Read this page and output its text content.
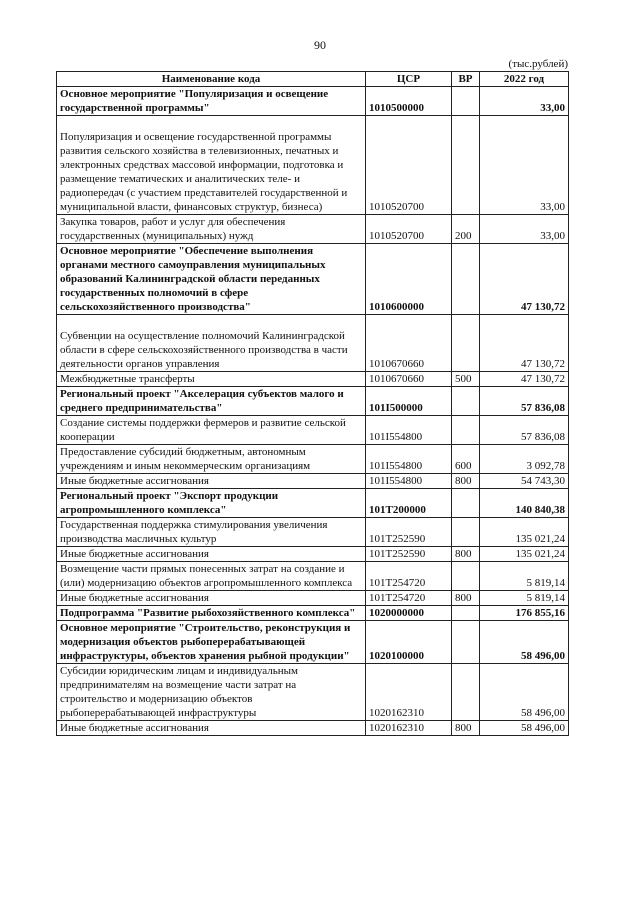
90
(тыс.рублей)
Наименование кода	ЦСР	ВР	2022 год
Основное мероприятие "Популяризация и освещение государственной программы"	1010500000		33,00

Популяризация и освещение государственной программы развития сельского хозяйства в телевизионных, печатных и электронных средствах массовой информации, подготовка и размещение тематических и аналитических теле- и радиопередач (с участием представителей государственной и муниципальной власти, финансовых структур, бизнеса)	1010520700		33,00
Закупка товаров, работ и услуг для обеспечения государственных (муниципальных) нужд	1010520700	200	33,00
Основное мероприятие "Обеспечение выполнения органами местного самоуправления муниципальных образований Калининградской области переданных государственных полномочий в сфере сельскохозяйственного производства"	1010600000		47 130,72

Субвенции на осуществление полномочий Калининградской области в сфере сельскохозяйственного производства в части деятельности органов управления	1010670660		47 130,72
Межбюджетные трансферты	1010670660	500	47 130,72
Региональный проект "Акселерация субъектов малого и среднего предпринимательства"	101I500000		57 836,08
Создание системы поддержки фермеров и развитие сельской кооперации	101I554800		57 836,08
Предоставление субсидий бюджетным, автономным учреждениям и иным некоммерческим организациям	101I554800	600	3 092,78
Иные бюджетные ассигнования	101I554800	800	54 743,30
Региональный проект "Экспорт продукции агропромышленного комплекса"	101T200000		140 840,38
Государственная поддержка стимулирования увеличения производства масличных культур	101T252590		135 021,24
Иные бюджетные ассигнования	101T252590	800	135 021,24
Возмещение части прямых понесенных затрат на создание и (или) модернизацию объектов агропромышленного комплекса	101T254720		5 819,14
Иные бюджетные ассигнования	101T254720	800	5 819,14
Подпрограмма "Развитие рыбохозяйственного комплекса"	1020000000		176 855,16
Основное мероприятие "Строительство, реконструкция и модернизация объектов рыбоперерабатывающей инфраструктуры, объектов хранения рыбной продукции"	1020100000		58 496,00
Субсидии юридическим лицам и индивидуальным предпринимателям на возмещение части затрат на строительство и модернизацию объектов рыбоперерабатывающей инфраструктуры	1020162310		58 496,00
Иные бюджетные ассигнования	1020162310	800	58 496,00
